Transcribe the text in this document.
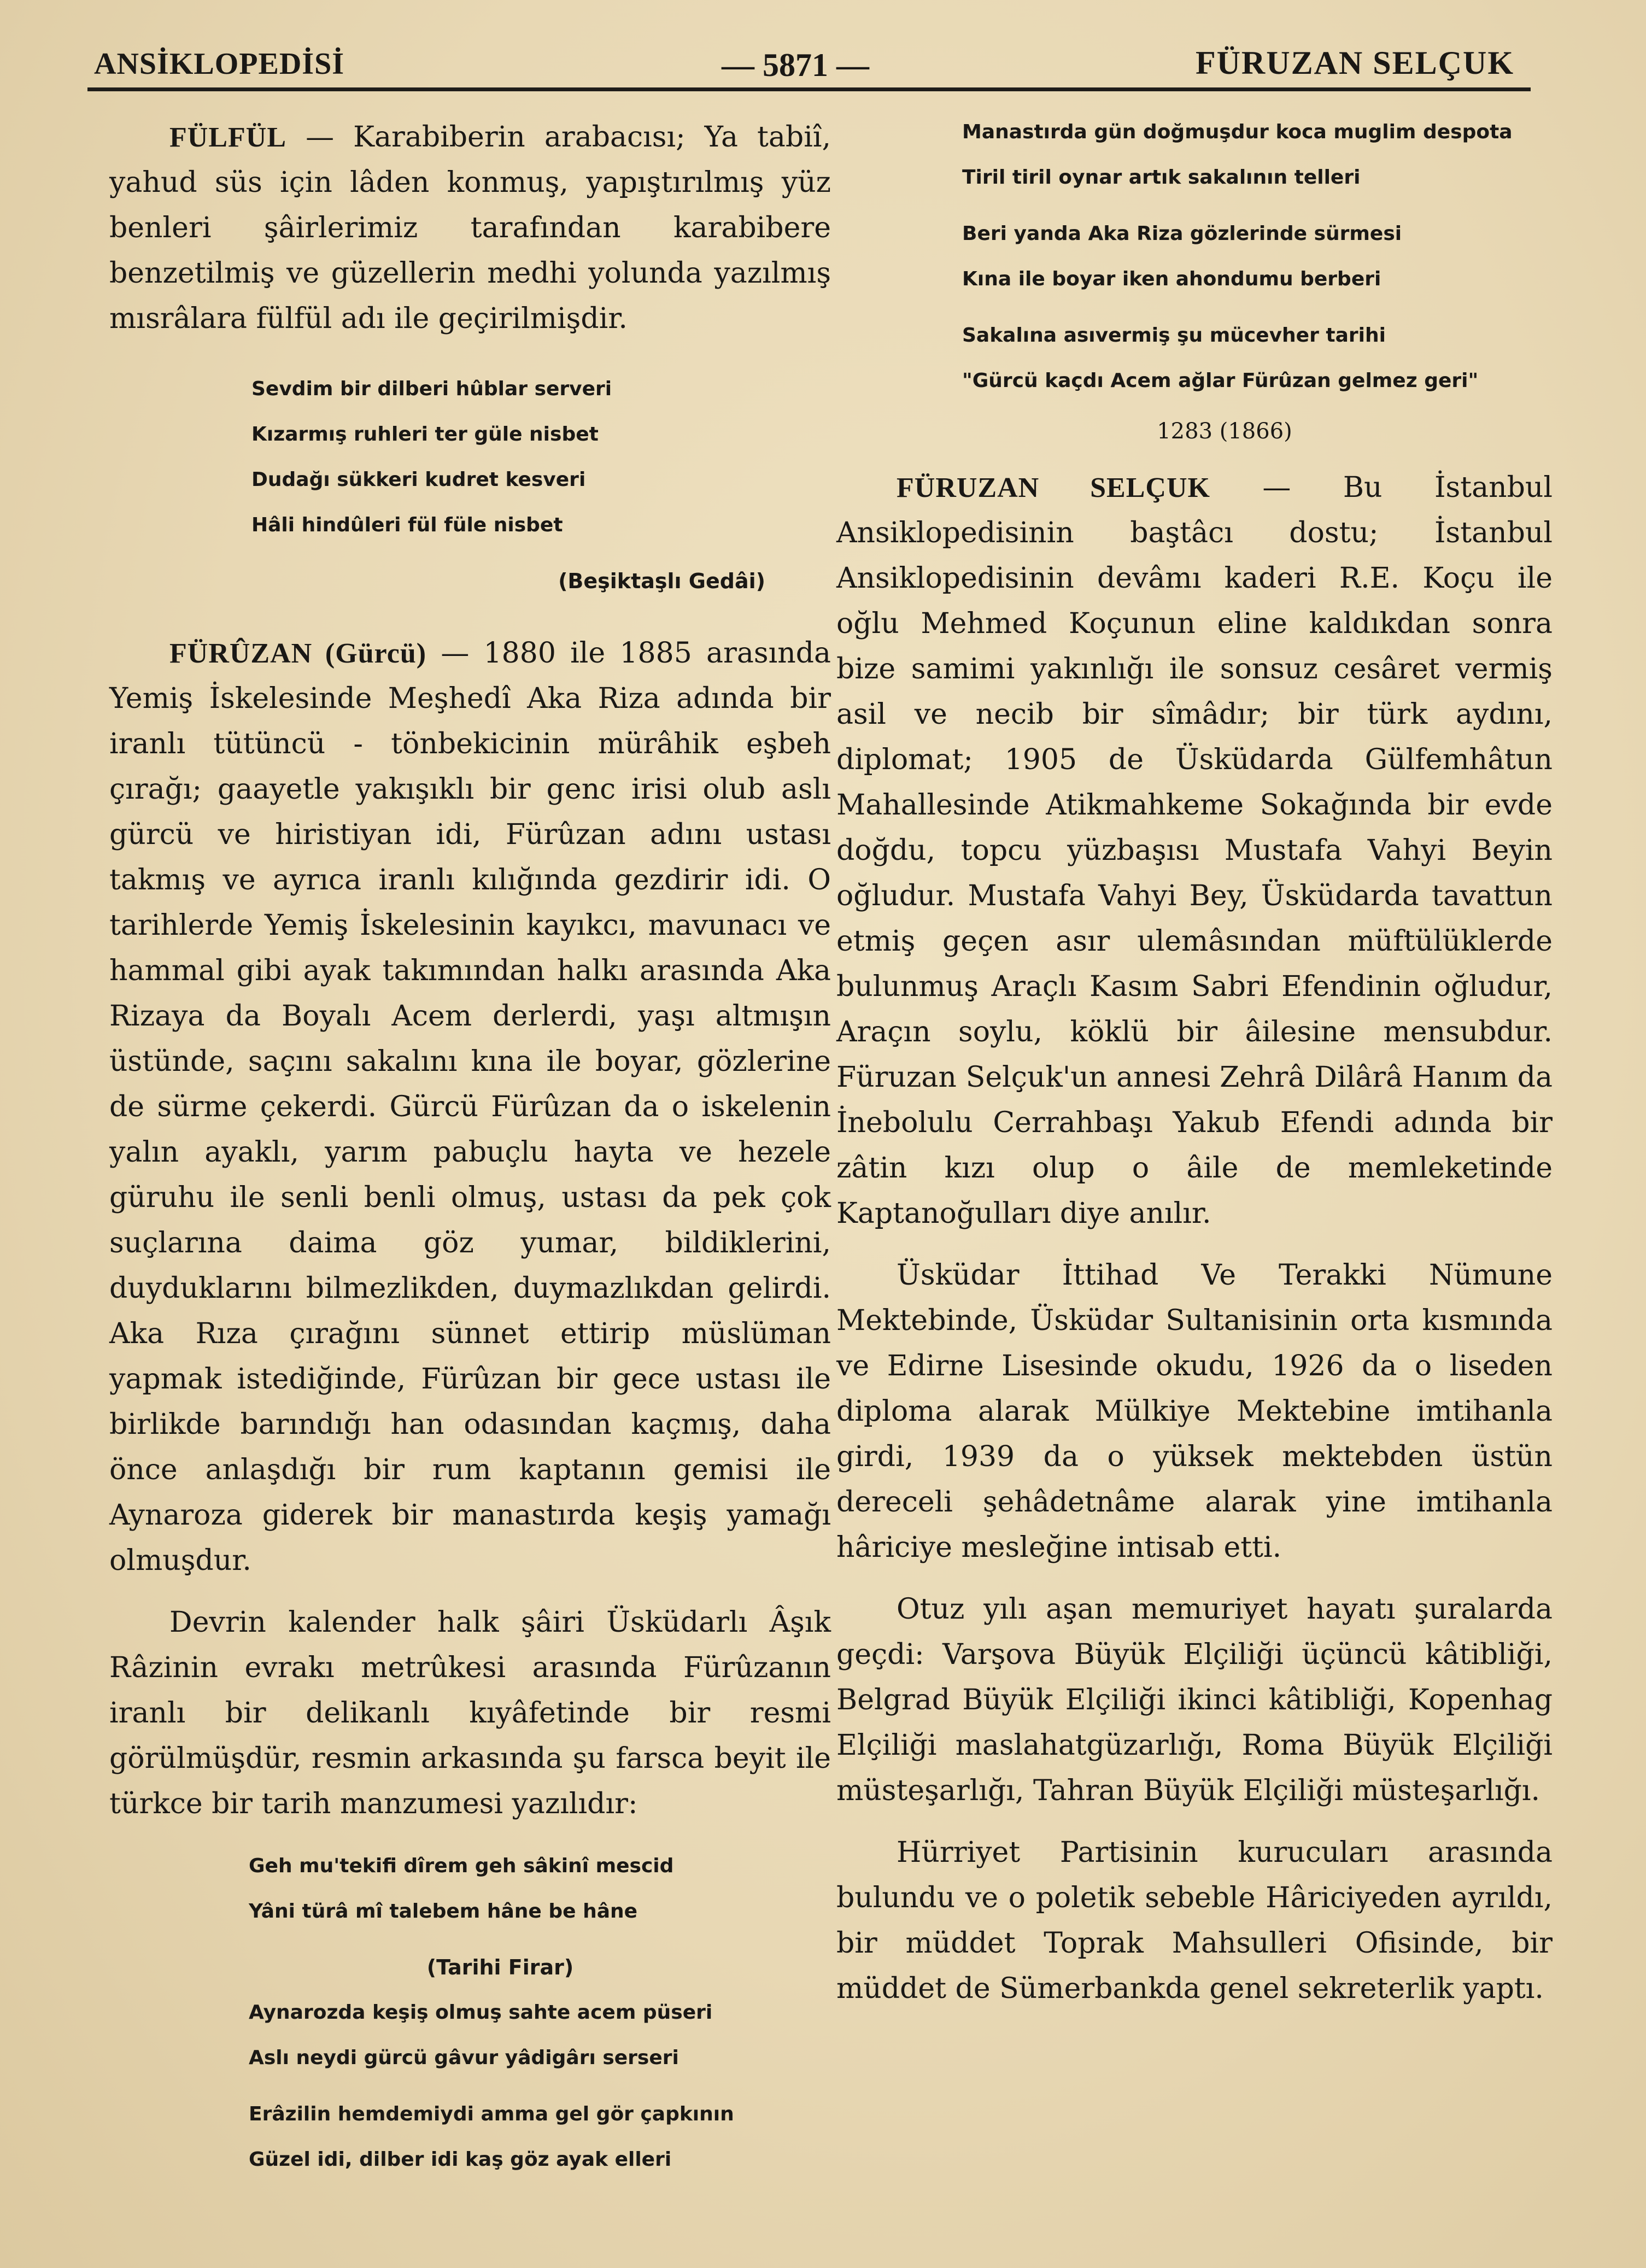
ANSİKLOPEDİSİ	— 5871 —	FÜRUZAN SELÇUK

FÜLFÜL — Karabiberin arabacısı; Ya tabiî, yahud süs için lâden konmuş, yapıştırılmış yüz benleri şâirlerimiz tarafından karabibere benzetilmiş ve güzellerin medhi yolunda yazılmış mısrâlara fülfül adı ile geçirilmişdir.

Sevdim bir dilberi hûblar serveri

Kızarmış ruhleri ter güle nisbet

Dudağı sükkeri kudret kesveri

Hâli hindûleri fül füle nisbet

(Beşiktaşlı Gedâi)

FÜRÛZAN (Gürcü) — 1880 ile 1885 arasında Yemiş İskelesinde Meşhedî Aka Riza adında bir iranlı tütüncü - tönbekicinin mürâhik eşbeh çırağı; gaayetle yakışıklı bir genc irisi olub aslı gürcü ve hiristiyan idi, Fürûzan adını ustası takmış ve ayrıca iranlı kılığında gezdirir idi. O tarihlerde Yemiş İskelesinin kayıkcı, mavunacı ve hammal gibi ayak takımından halkı arasında Aka Rizaya da Boyalı Acem derlerdi, yaşı altmışın üstünde, saçını sakalını kına ile boyar, gözlerine de sürme çekerdi. Gürcü Fürûzan da o iskelenin yalın ayaklı, yarım pabuçlu hayta ve hezele güruhu ile senli benli olmuş, ustası da pek çok suçlarına daima göz yumar, bildiklerini, duyduklarını bilmezlikden, duymazlıkdan gelirdi. Aka Rıza çırağını sünnet ettirip müslüman yapmak istediğinde, Fürûzan bir gece ustası ile birlikde barındığı han odasından kaçmış, daha önce anlaşdığı bir rum kaptanın gemisi ile Aynaroza giderek bir manastırda keşiş yamağı olmuşdur.

Devrin kalender halk şâiri Üsküdarlı Âşık Râzinin evrakı metrûkesi arasında Fürûzanın iranlı bir delikanlı kıyâfetinde bir resmi görülmüşdür, resmin arkasında şu farsca beyit ile türkce bir tarih manzumesi yazılıdır:

Geh mu'tekifi dîrem geh sâkinî mescid

Yâni türâ mî talebem hâne be hâne

(Tarihi Firar)

Aynarozda keşiş olmuş sahte acem püseri

Aslı neydi gürcü gâvur yâdigârı serseri

Erâzilin hemdemiydi amma gel gör çapkının

Güzel idi, dilber idi kaş göz ayak elleri

Manastırda gün doğmuşdur koca muglim despota

Tiril tiril oynar artık sakalının telleri

Beri yanda Aka Riza gözlerinde sürmesi

Kına ile boyar iken ahondumu berberi

Sakalına asıvermiş şu mücevher tarihi

"Gürcü kaçdı Acem ağlar Fürûzan gelmez geri"

1283 (1866)

FÜRUZAN SELÇUK — Bu İstanbul Ansiklopedisinin baştâcı dostu; İstanbul Ansiklopedisinin devâmı kaderi R.E. Koçu ile oğlu Mehmed Koçunun eline kaldıkdan sonra bize samimi yakınlığı ile sonsuz cesâret vermiş asil ve necib bir sîmâdır; bir türk aydını, diplomat; 1905 de Üsküdarda Gülfemhâtun Mahallesinde Atikmahkeme Sokağında bir evde doğdu, topcu yüzbaşısı Mustafa Vahyi Beyin oğludur. Mustafa Vahyi Bey, Üsküdarda tavattun etmiş geçen asır ulemâsından müftülüklerde bulunmuş Araçlı Kasım Sabri Efendinin oğludur, Araçın soylu, köklü bir âilesine mensubdur. Füruzan Selçuk'un annesi Zehrâ Dilârâ Hanım da İnebolulu Cerrahbaşı Yakub Efendi adında bir zâtin kızı olup o âile de memleketinde Kaptanoğulları diye anılır.

Üsküdar İttihad Ve Terakki Nümune Mektebinde, Üsküdar Sultanisinin orta kısmında ve Edirne Lisesinde okudu, 1926 da o liseden diploma alarak Mülkiye Mektebine imtihanla girdi, 1939 da o yüksek mektebden üstün dereceli şehâdetnâme alarak yine imtihanla hâriciye mesleğine intisab etti.

Otuz yılı aşan memuriyet hayatı şuralarda geçdi: Varşova Büyük Elçiliği üçüncü kâtibliği, Belgrad Büyük Elçiliği ikinci kâtibliği, Kopenhag Elçiliği maslahatgüzarlığı, Roma Büyük Elçiliği müsteşarlığı, Tahran Büyük Elçiliği müsteşarlığı.

Hürriyet Partisinin kurucuları arasında bulundu ve o poletik sebeble Hâriciyeden ayrıldı, bir müddet Toprak Mahsulleri Ofisinde, bir müddet de Sümerbankda genel sekreterlik yaptı.
